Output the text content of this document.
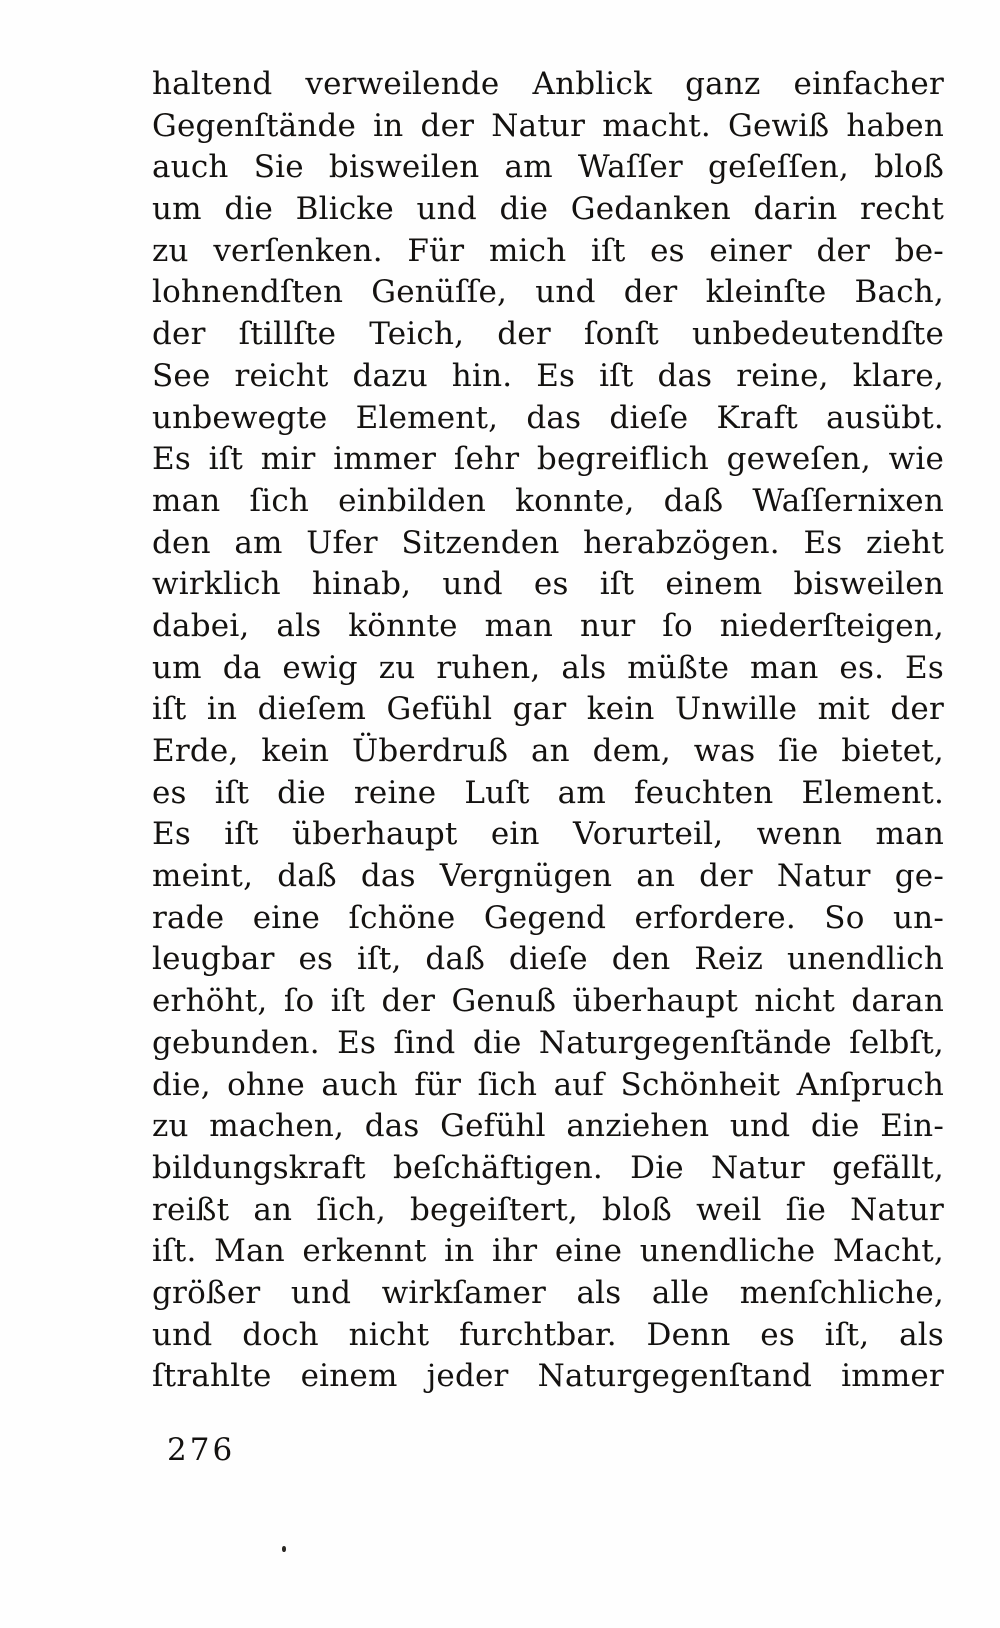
haltend verweilende Anblick ganz einfacher
Gegenſtände in der Natur macht. Gewiß haben
auch Sie bisweilen am Waſſer geſeſſen, bloß
um die Blicke und die Gedanken darin recht
zu verſenken. Für mich iſt es einer der be-
lohnendſten Genüſſe, und der kleinſte Bach,
der ſtillſte Teich, der ſonſt unbedeutendſte
See reicht dazu hin. Es iſt das reine, klare,
unbewegte Element, das dieſe Kraft ausübt.
Es iſt mir immer ſehr begreiflich geweſen, wie
man ſich einbilden konnte, daß Waſſernixen
den am Ufer Sitzenden herabzögen. Es zieht
wirklich hinab, und es iſt einem bisweilen
dabei, als könnte man nur ſo niederſteigen,
um da ewig zu ruhen, als müßte man es. Es
iſt in dieſem Gefühl gar kein Unwille mit der
Erde, kein Überdruß an dem, was ſie bietet,
es iſt die reine Luſt am feuchten Element.
Es iſt überhaupt ein Vorurteil, wenn man
meint, daß das Vergnügen an der Natur ge-
rade eine ſchöne Gegend erfordere. So un-
leugbar es iſt, daß dieſe den Reiz unendlich
erhöht, ſo iſt der Genuß überhaupt nicht daran
gebunden. Es ſind die Naturgegenſtände ſelbſt,
die, ohne auch für ſich auf Schönheit Anſpruch
zu machen, das Gefühl anziehen und die Ein-
bildungskraft beſchäftigen. Die Natur gefällt,
reißt an ſich, begeiſtert, bloß weil ſie Natur
iſt. Man erkennt in ihr eine unendliche Macht,
größer und wirkſamer als alle menſchliche,
und doch nicht furchtbar. Denn es iſt, als
ſtrahlte einem jeder Naturgegenſtand immer
276
